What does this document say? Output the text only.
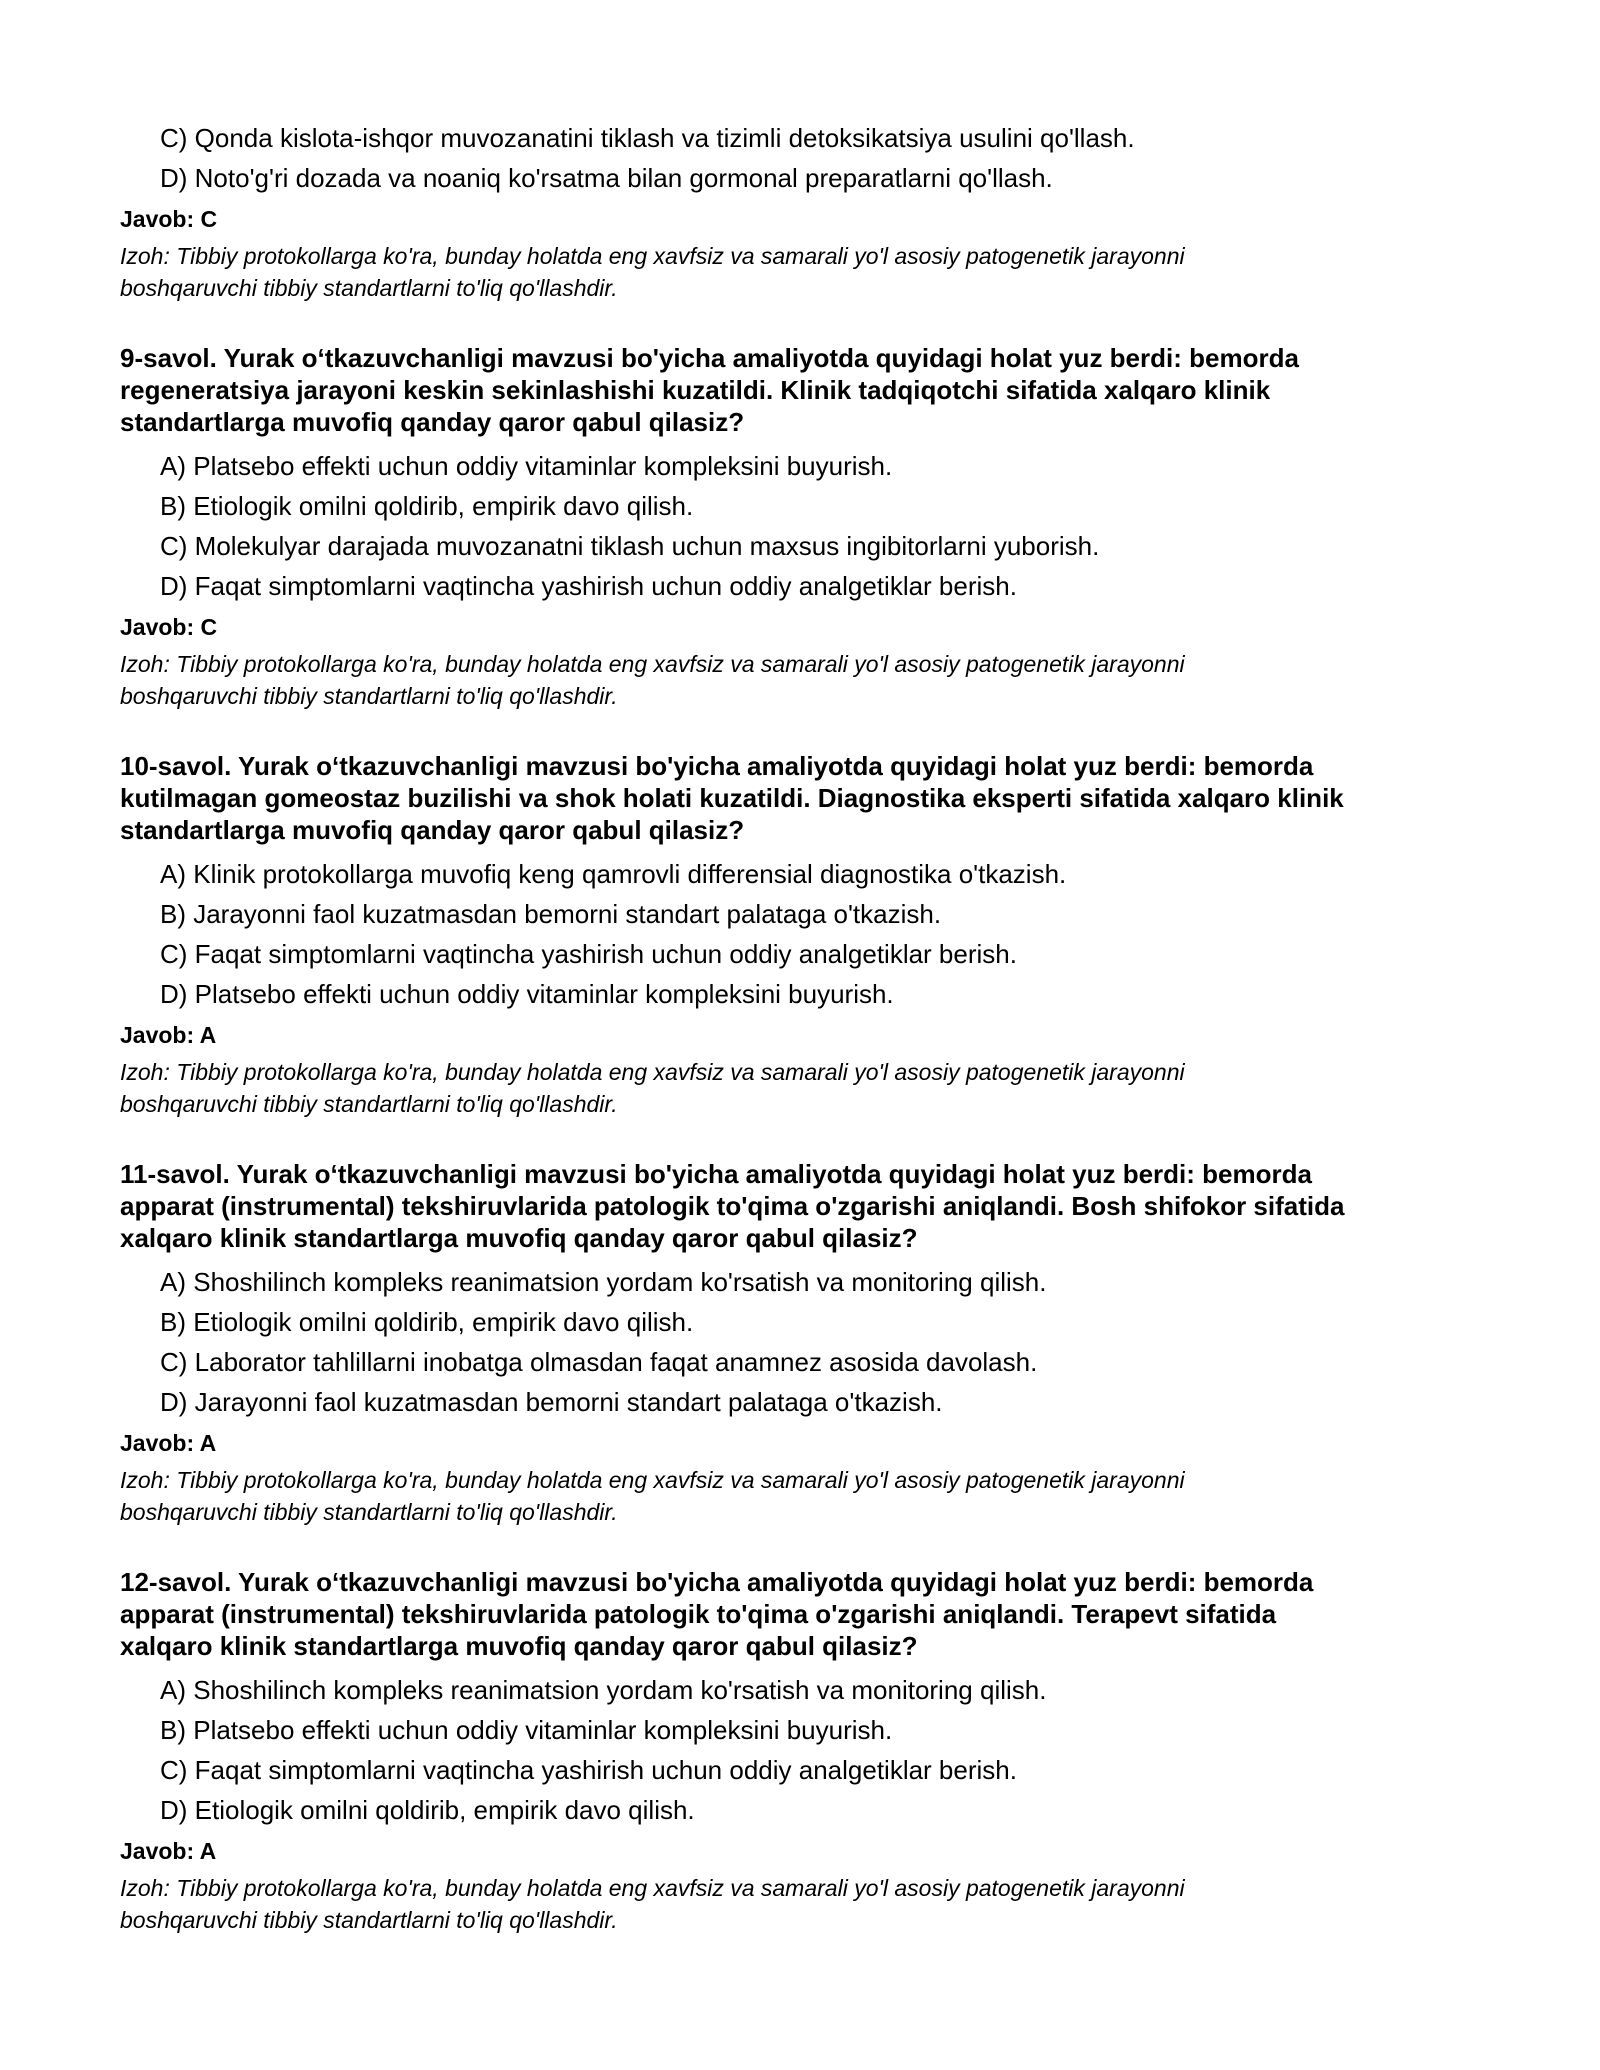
C) Qonda kislota-ishqor muvozanatini tiklash va tizimli detoksikatsiya usulini qo'llash.
D) Noto'g'ri dozada va noaniq ko'rsatma bilan gormonal preparatlarni qo'llash.
Javob: C
Izoh: Tibbiy protokollarga ko'ra, bunday holatda eng xavfsiz va samarali yo'l asosiy patogenetik jarayonni
boshqaruvchi tibbiy standartlarni to'liq qo'llashdir.
9-savol. Yurak o‘tkazuvchanligi mavzusi bo'yicha amaliyotda quyidagi holat yuz berdi: bemorda
regeneratsiya jarayoni keskin sekinlashishi kuzatildi. Klinik tadqiqotchi sifatida xalqaro klinik
standartlarga muvofiq qanday qaror qabul qilasiz?
A) Platsebo effekti uchun oddiy vitaminlar kompleksini buyurish.
B) Etiologik omilni qoldirib, empirik davo qilish.
C) Molekulyar darajada muvozanatni tiklash uchun maxsus ingibitorlarni yuborish.
D) Faqat simptomlarni vaqtincha yashirish uchun oddiy analgetiklar berish.
Javob: C
Izoh: Tibbiy protokollarga ko'ra, bunday holatda eng xavfsiz va samarali yo'l asosiy patogenetik jarayonni
boshqaruvchi tibbiy standartlarni to'liq qo'llashdir.
10-savol. Yurak o‘tkazuvchanligi mavzusi bo'yicha amaliyotda quyidagi holat yuz berdi: bemorda
kutilmagan gomeostaz buzilishi va shok holati kuzatildi. Diagnostika eksperti sifatida xalqaro klinik
standartlarga muvofiq qanday qaror qabul qilasiz?
A) Klinik protokollarga muvofiq keng qamrovli differensial diagnostika o'tkazish.
B) Jarayonni faol kuzatmasdan bemorni standart palataga o'tkazish.
C) Faqat simptomlarni vaqtincha yashirish uchun oddiy analgetiklar berish.
D) Platsebo effekti uchun oddiy vitaminlar kompleksini buyurish.
Javob: A
Izoh: Tibbiy protokollarga ko'ra, bunday holatda eng xavfsiz va samarali yo'l asosiy patogenetik jarayonni
boshqaruvchi tibbiy standartlarni to'liq qo'llashdir.
11-savol. Yurak o‘tkazuvchanligi mavzusi bo'yicha amaliyotda quyidagi holat yuz berdi: bemorda
apparat (instrumental) tekshiruvlarida patologik to'qima o'zgarishi aniqlandi. Bosh shifokor sifatida
xalqaro klinik standartlarga muvofiq qanday qaror qabul qilasiz?
A) Shoshilinch kompleks reanimatsion yordam ko'rsatish va monitoring qilish.
B) Etiologik omilni qoldirib, empirik davo qilish.
C) Laborator tahlillarni inobatga olmasdan faqat anamnez asosida davolash.
D) Jarayonni faol kuzatmasdan bemorni standart palataga o'tkazish.
Javob: A
Izoh: Tibbiy protokollarga ko'ra, bunday holatda eng xavfsiz va samarali yo'l asosiy patogenetik jarayonni
boshqaruvchi tibbiy standartlarni to'liq qo'llashdir.
12-savol. Yurak o‘tkazuvchanligi mavzusi bo'yicha amaliyotda quyidagi holat yuz berdi: bemorda
apparat (instrumental) tekshiruvlarida patologik to'qima o'zgarishi aniqlandi. Terapevt sifatida
xalqaro klinik standartlarga muvofiq qanday qaror qabul qilasiz?
A) Shoshilinch kompleks reanimatsion yordam ko'rsatish va monitoring qilish.
B) Platsebo effekti uchun oddiy vitaminlar kompleksini buyurish.
C) Faqat simptomlarni vaqtincha yashirish uchun oddiy analgetiklar berish.
D) Etiologik omilni qoldirib, empirik davo qilish.
Javob: A
Izoh: Tibbiy protokollarga ko'ra, bunday holatda eng xavfsiz va samarali yo'l asosiy patogenetik jarayonni
boshqaruvchi tibbiy standartlarni to'liq qo'llashdir.
